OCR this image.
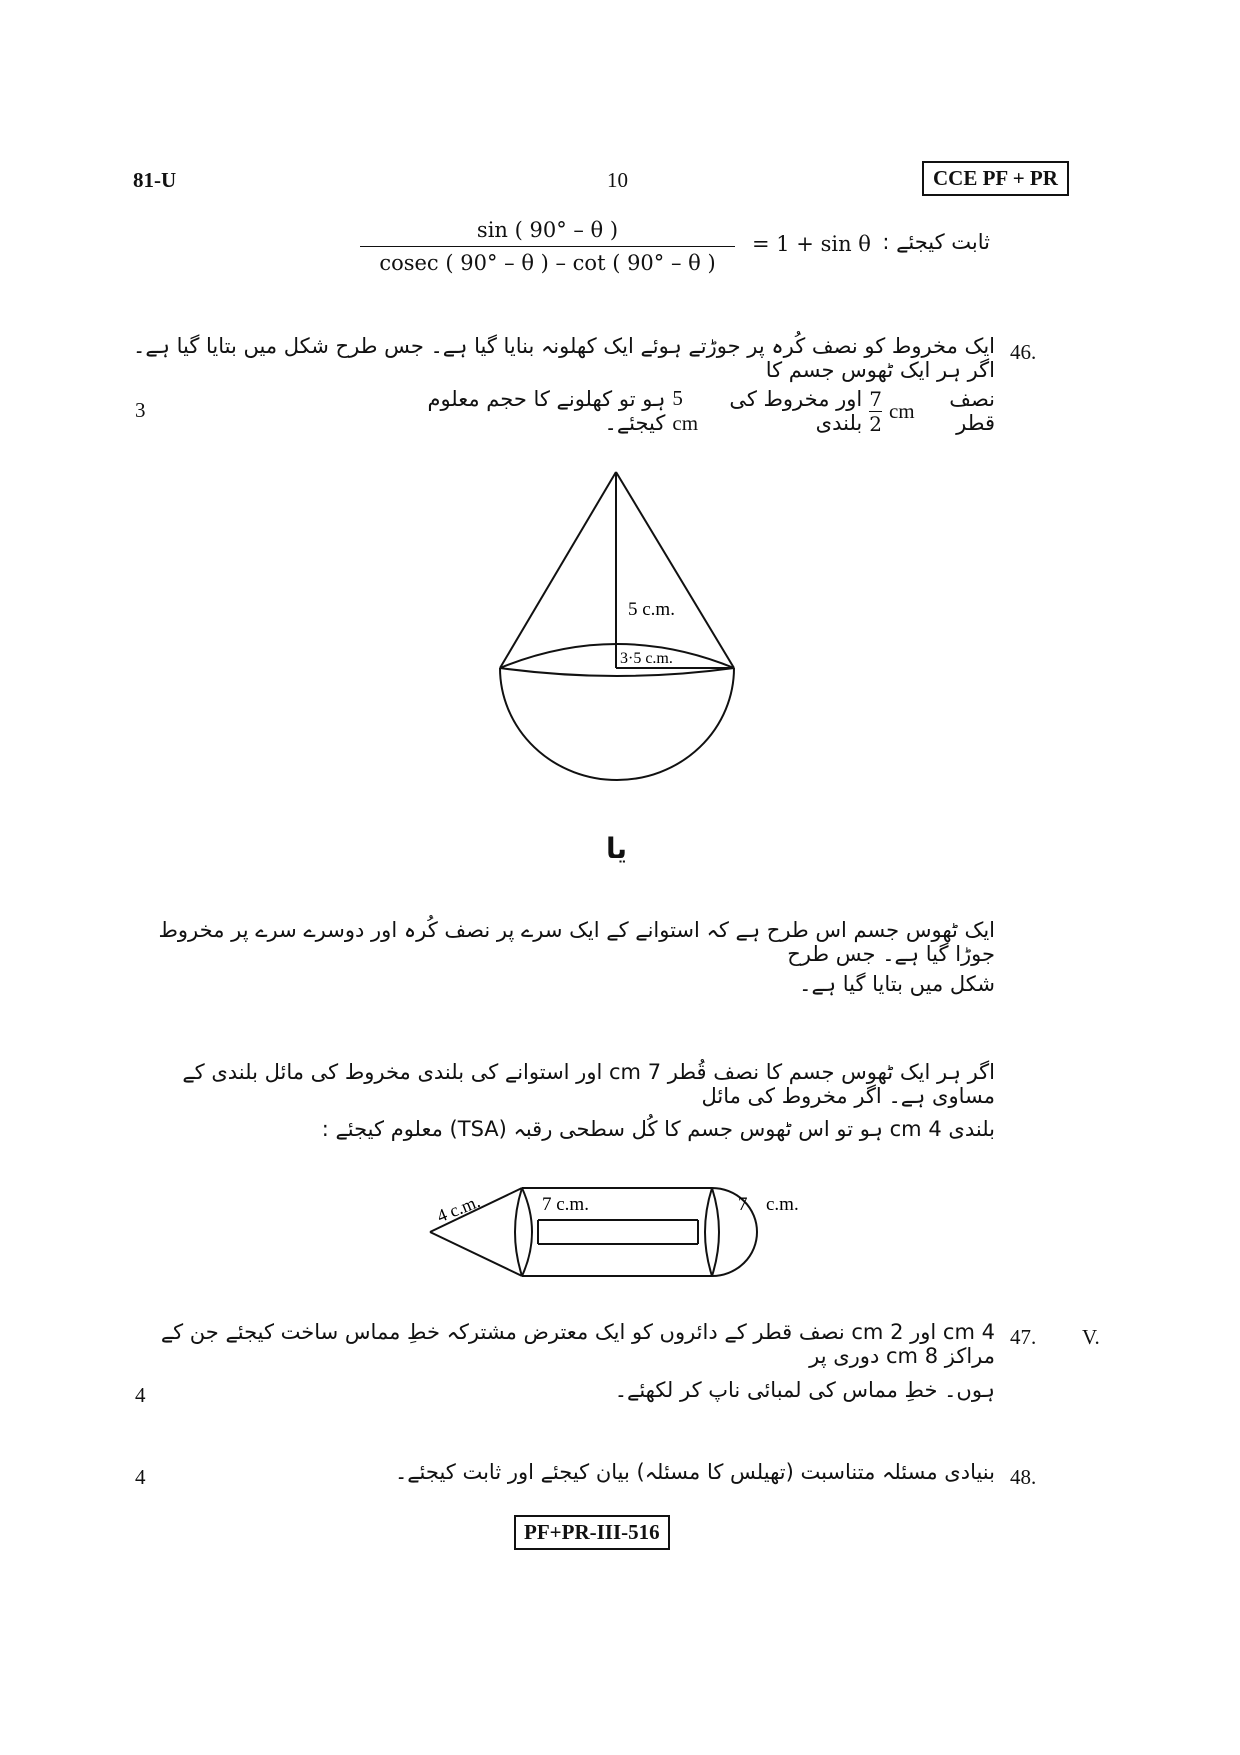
81-U	10	CCE PF + PR
ثابت کیجئے :
sin ( 90° – θ )
cosec ( 90° – θ ) – cot ( 90° – θ )
= 1 + sin θ
46.
ایک مخروط کو نصف کُرہ پر جوڑتے ہوئے ایک کھلونہ بنایا گیا ہے۔ جس طرح شکل میں بتایا گیا ہے۔ اگر ہر ایک ٹھوس جسم کا
3	نصف قطر
cm
$\frac{7}{2}$
اور مخروط کی بلندی
5 cm
ہو تو کھلونے کا حجم معلوم کیجئے۔
5 c.m.
3·5 c.m.
یا
ایک ٹھوس جسم اس طرح ہے کہ استوانے کے ایک سرے پر نصف کُرہ اور دوسرے سرے پر مخروط جوڑا گیا ہے۔ جس طرح
شکل میں بتایا گیا ہے۔
اگر ہر ایک ٹھوس جسم کا نصف قُطر 7 cm اور استوانے کی بلندی مخروط کی مائل بلندی کے مساوی ہے۔ اگر مخروط کی مائل
بلندی 4 cm ہو تو اس ٹھوس جسم کا کُل سطحی رقبہ (TSA) معلوم کیجئے :
4 c.m.	7 c.m.	7 c.m.
V.
47.
4 cm اور 2 cm نصف قطر کے دائروں کو ایک معترض مشترکہ خطِ مماس ساخت کیجئے جن کے مراکز 8 cm دوری پر
ہوں۔ خطِ مماس کی لمبائی ناپ کر لکھئے۔
4
48.
بنیادی مسئلہ متناسبت (تھیلس کا مسئلہ) بیان کیجئے اور ثابت کیجئے۔
4
PF+PR-III-516
